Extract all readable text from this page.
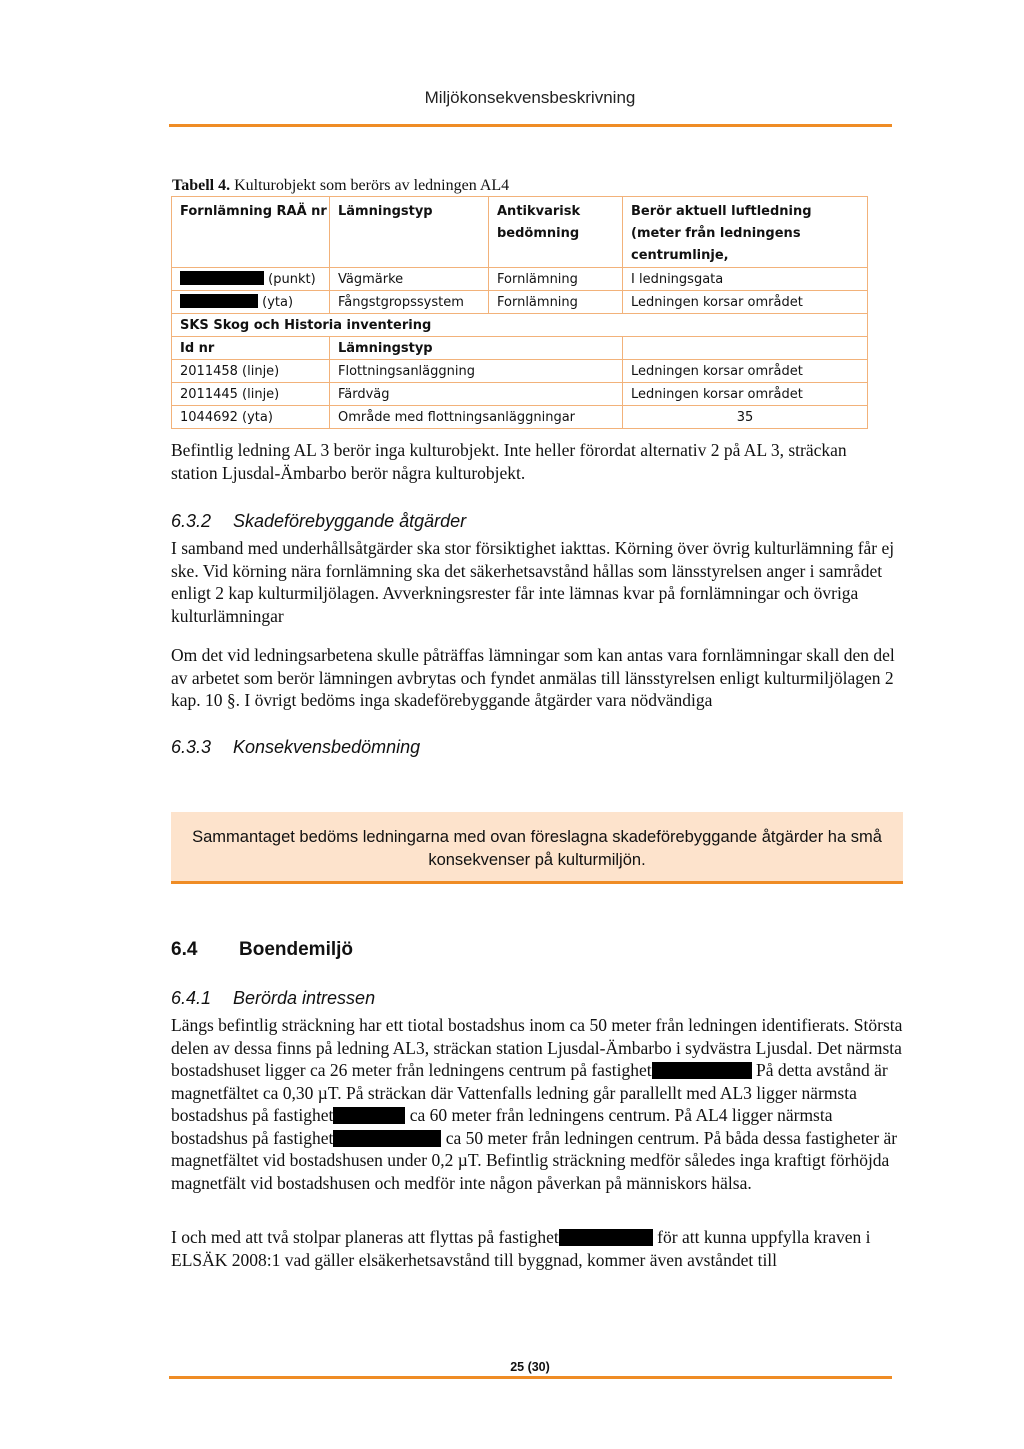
Miljökonsekvensbeskrivning
Tabell 4. Kulturobjekt som berörs av ledningen AL4
Fornlämning RAÄ nr	Lämningstyp	Antikvarisk bedömning	Berör aktuell luftledning (meter från ledningens centrumlinje,
(punkt)	Vägmärke	Fornlämning	I ledningsgata
(yta)	Fångstgropssystem	Fornlämning	Ledningen korsar området
SKS Skog och Historia inventering			
Id nr	Lämningstyp		
2011458 (linje)	Flottningsanläggning		Ledningen korsar området
2011445 (linje)	Färdväg		Ledningen korsar området
1044692 (yta)	Område med flottningsanläggningar		35
Befintlig ledning AL 3 berör inga kulturobjekt. Inte heller förordat alternativ 2 på AL 3, sträckan station Ljusdal-Ämbarbo berör några kulturobjekt.
6.3.2 Skadeförebyggande åtgärder
I samband med underhållsåtgärder ska stor försiktighet iakttas. Körning över övrig kulturlämning får ej ske. Vid körning nära fornlämning ska det säkerhetsavstånd hållas som länsstyrelsen anger i samrådet enligt 2 kap kulturmiljölagen. Avverkningsrester får inte lämnas kvar på fornlämningar och övriga kulturlämningar
Om det vid ledningsarbetena skulle påträffas lämningar som kan antas vara fornlämningar skall den del av arbetet som berör lämningen avbrytas och fyndet anmälas till länsstyrelsen enligt kulturmiljölagen 2 kap. 10 §. I övrigt bedöms inga skadeförebyggande åtgärder vara nödvändiga
6.3.3 Konsekvensbedömning
Sammantaget bedöms ledningarna med ovan föreslagna skadeförebyggande åtgärder ha små konsekvenser på kulturmiljön.
6.4 Boendemiljö
6.4.1 Berörda intressen
Längs befintlig sträckning har ett tiotal bostadshus inom ca 50 meter från ledningen identifierats. Största delen av dessa finns på ledning AL3, sträckan station Ljusdal-Ämbarbo i sydvästra Ljusdal. Det närmsta bostadshuset ligger ca 26 meter från ledningens centrum på fastighet	På detta avstånd är magnetfältet ca 0,30 µT. På sträckan där Vattenfalls ledning går parallellt med AL3 ligger närmsta bostadshus på fastighet	ca 60 meter från ledningens centrum. På AL4 ligger närmsta bostadshus på fastighet	ca 50 meter från ledningen centrum. På båda dessa fastigheter är magnetfältet vid bostadshusen under 0,2 µT. Befintlig sträckning medför således inga kraftigt förhöjda magnetfält vid bostadshusen och medför inte någon påverkan på människors hälsa.
I och med att två stolpar planeras att flyttas på fastighet	för att kunna uppfylla kraven i ELSÄK 2008:1 vad gäller elsäkerhetsavstånd till byggnad, kommer även avståndet till
25 (30)
